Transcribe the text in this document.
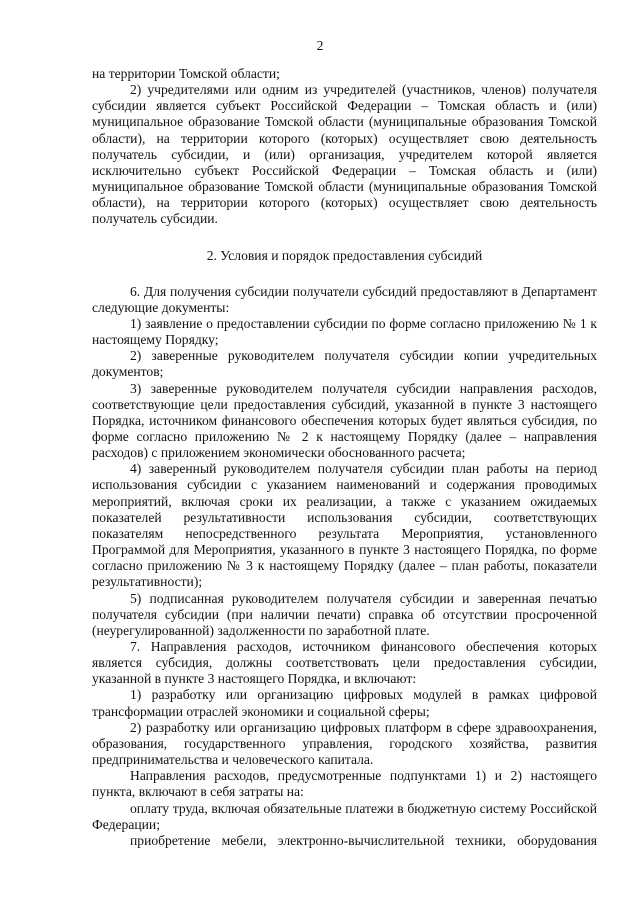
2

на территории Томской области;

2) учредителями или одним из учредителей (участников, членов) получателя субсидии является субъект Российской Федерации – Томская область и (или) муниципальное образование Томской области (муниципальные образования Томской области), на территории которого (которых) осуществляет свою деятельность получатель субсидии, и (или) организация, учредителем которой является исключительно субъект Российской Федерации – Томская область и (или) муниципальное образование Томской области (муниципальные образования Томской области), на территории которого (которых) осуществляет свою деятельность получатель субсидии.

2. Условия и порядок предоставления субсидий

6. Для получения субсидии получатели субсидий предоставляют в Департамент следующие документы:

1) заявление о предоставлении субсидии по форме согласно приложению № 1 к настоящему Порядку;

2) заверенные руководителем получателя субсидии копии учредительных документов;

3) заверенные руководителем получателя субсидии направления расходов, соответствующие цели предоставления субсидий, указанной в пункте 3 настоящего Порядка, источником финансового обеспечения которых будет являться субсидия, по форме согласно приложению № 2 к настоящему Порядку (далее – направления расходов) с приложением экономически обоснованного расчета;

4) заверенный руководителем получателя субсидии план работы на период использования субсидии с указанием наименований и содержания проводимых мероприятий, включая сроки их реализации, а также с указанием ожидаемых показателей результативности использования субсидии, соответствующих показателям непосредственного результата Мероприятия, установленного Программой для Мероприятия, указанного в пункте 3 настоящего Порядка, по форме согласно приложению № 3 к настоящему Порядку (далее – план работы, показатели результативности);

5) подписанная руководителем получателя субсидии и заверенная печатью получателя субсидии (при наличии печати) справка об отсутствии просроченной (неурегулированной) задолженности по заработной плате.

7. Направления расходов, источником финансового обеспечения которых является субсидия, должны соответствовать цели предоставления субсидии, указанной в пункте 3 настоящего Порядка, и включают:

1) разработку или организацию цифровых модулей в рамках цифровой трансформации отраслей экономики и социальной сферы;

2) разработку или организацию цифровых платформ в сфере здравоохранения, образования, государственного управления, городского хозяйства, развития предпринимательства и человеческого капитала.

Направления расходов, предусмотренные подпунктами 1) и 2) настоящего пункта, включают в себя затраты на:

оплату труда, включая обязательные платежи в бюджетную систему Российской Федерации;

приобретение мебели, электронно-вычислительной техники, оборудования
